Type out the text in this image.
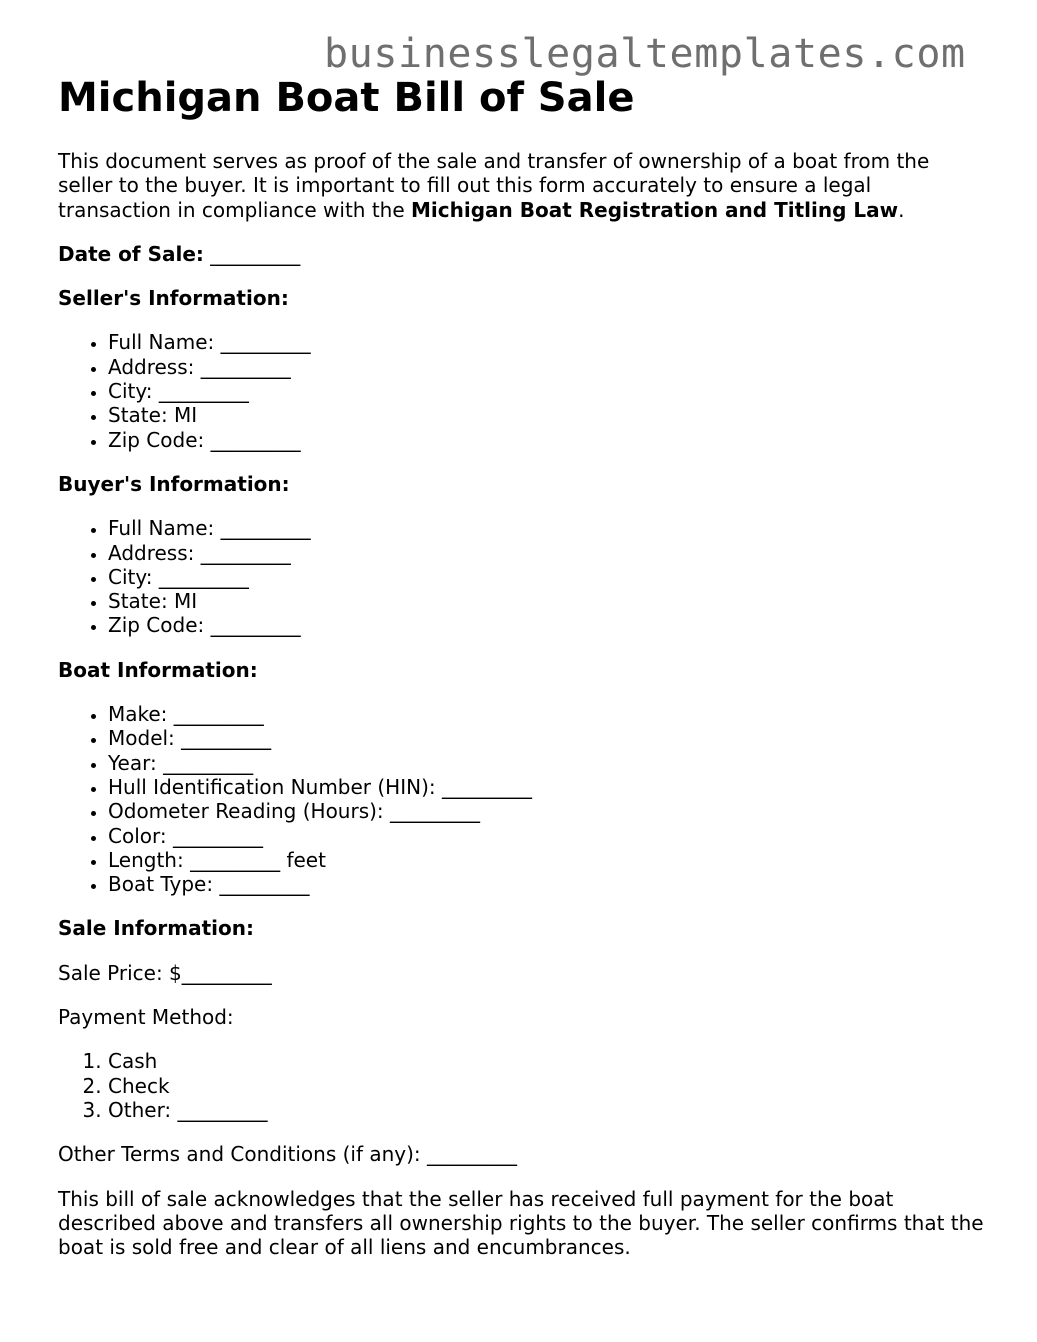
businesslegaltemplates.com
Michigan Boat Bill of Sale

This document serves as proof of the sale and transfer of ownership of a boat from the seller to the buyer. It is important to fill out this form accurately to ensure a legal transaction in compliance with the Michigan Boat Registration and Titling Law.

Date of Sale: _________

Seller's Information:

• Full Name: _________
• Address: _________
• City: _________
• State: MI
• Zip Code: _________

Buyer's Information:

• Full Name: _________
• Address: _________
• City: _________
• State: MI
• Zip Code: _________

Boat Information:

• Make: _________
• Model: _________
• Year: _________
• Hull Identification Number (HIN): _________
• Odometer Reading (Hours): _________
• Color: _________
• Length: _________ feet
• Boat Type: _________

Sale Information:

Sale Price: $_________

Payment Method:

1. Cash
2. Check
3. Other: _________

Other Terms and Conditions (if any): _________

This bill of sale acknowledges that the seller has received full payment for the boat described above and transfers all ownership rights to the buyer. The seller confirms that the boat is sold free and clear of all liens and encumbrances.
